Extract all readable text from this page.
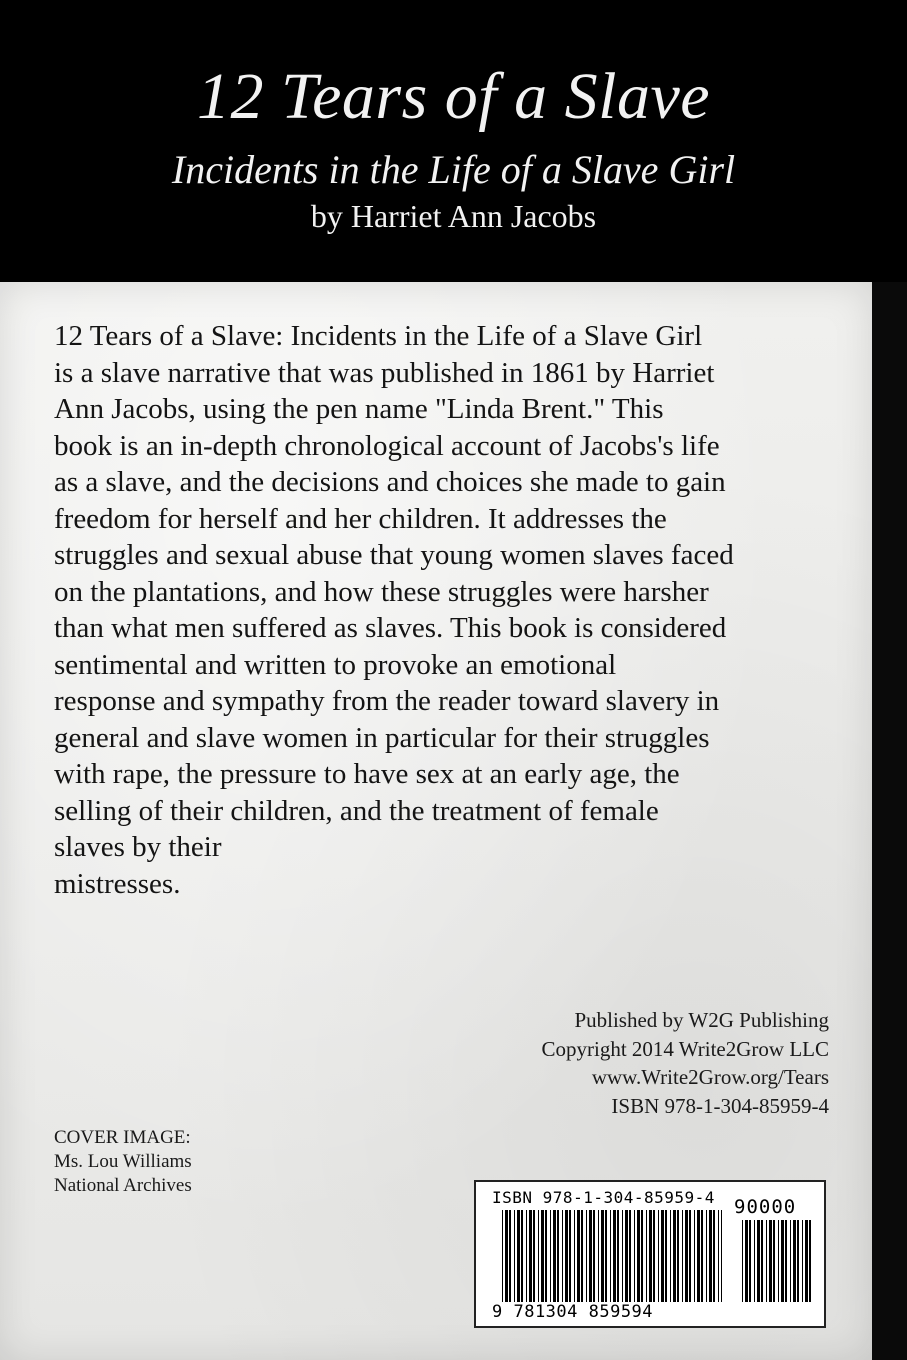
12 Tears of a Slave
Incidents in the Life of a Slave Girl
by Harriet Ann Jacobs

12 Tears of a Slave: Incidents in the Life of a Slave Girl
is a slave narrative that was published in 1861 by Harriet
Ann Jacobs, using the pen name "Linda Brent." This
book is an in-depth chronological account of Jacobs's life
as a slave, and the decisions and choices she made to gain
freedom for herself and her children. It addresses the
struggles and sexual abuse that young women slaves faced
on the plantations, and how these struggles were harsher
than what men suffered as slaves. This book is considered
sentimental and written to provoke an emotional
response and sympathy from the reader toward slavery in
general and slave women in particular for their struggles
with rape, the pressure to have sex at an early age, the
selling of their children, and the treatment of female
slaves by their
mistresses.

Published by W2G Publishing
Copyright 2014 Write2Grow LLC
www.Write2Grow.org/Tears
ISBN 978-1-304-85959-4
COVER IMAGE:
Ms. Lou Williams
National Archives
ISBN 978-1-304-85959-4 90000
9 781304 859594
